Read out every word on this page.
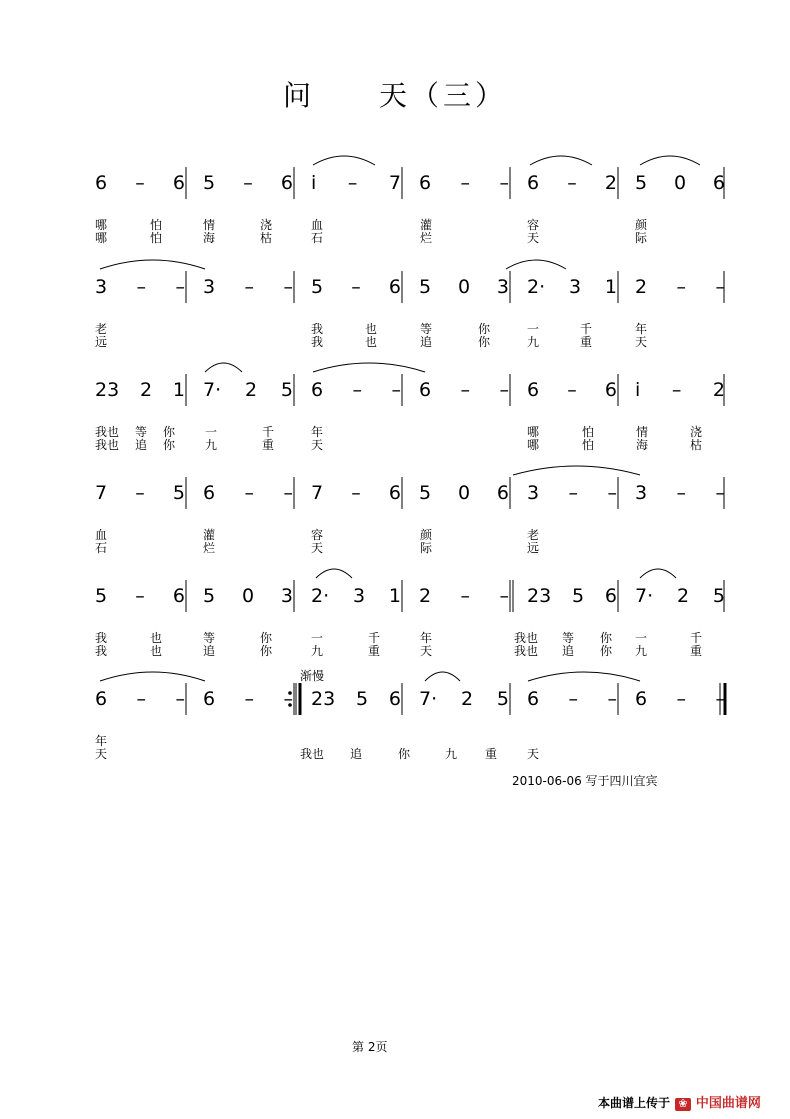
问　　天（三）
6 – 6 5 – 6 i – 7 6 – – 6 – 2 5 0 6
哪	怕	情	浇	血	灌	容	颜
哪	怕	海	枯	石	烂	天	际
3 – – 3 – – 5 – 6 5 0 3 2· 3 1 2 – –
老	我	也	等	你	一	千	年
远	我	也	追	你	九	重	天
23 2 1 7· 2 5 6 – – 6 – – 6 – 6 i – 2
我也 等 你 一	千	年	哪	怕	情	浇
我也 追 你 九	重	天	哪	怕	海	枯
7 – 5 6 – – 7 – 6 5 0 6 3 – – 3 – –
血	灌	容	颜	老
石	烂	天	际	远
5 – 6 5 0 3 2· 3 1 2 – – 23 5 6 7· 2 5
我	也	等	你	一	千	年	我也 等 你 一	千
我	也	追	你	九	重	天	我也 追 你 九	重
6 – – 6 – – 23 5 6 7· 2 5 6 – – 6 – –
年
天	我也 追	你	九 重 天
渐慢
2010-06-06 写于四川宜宾
第 2页
本曲谱上传于 ❀ 中国曲谱网
